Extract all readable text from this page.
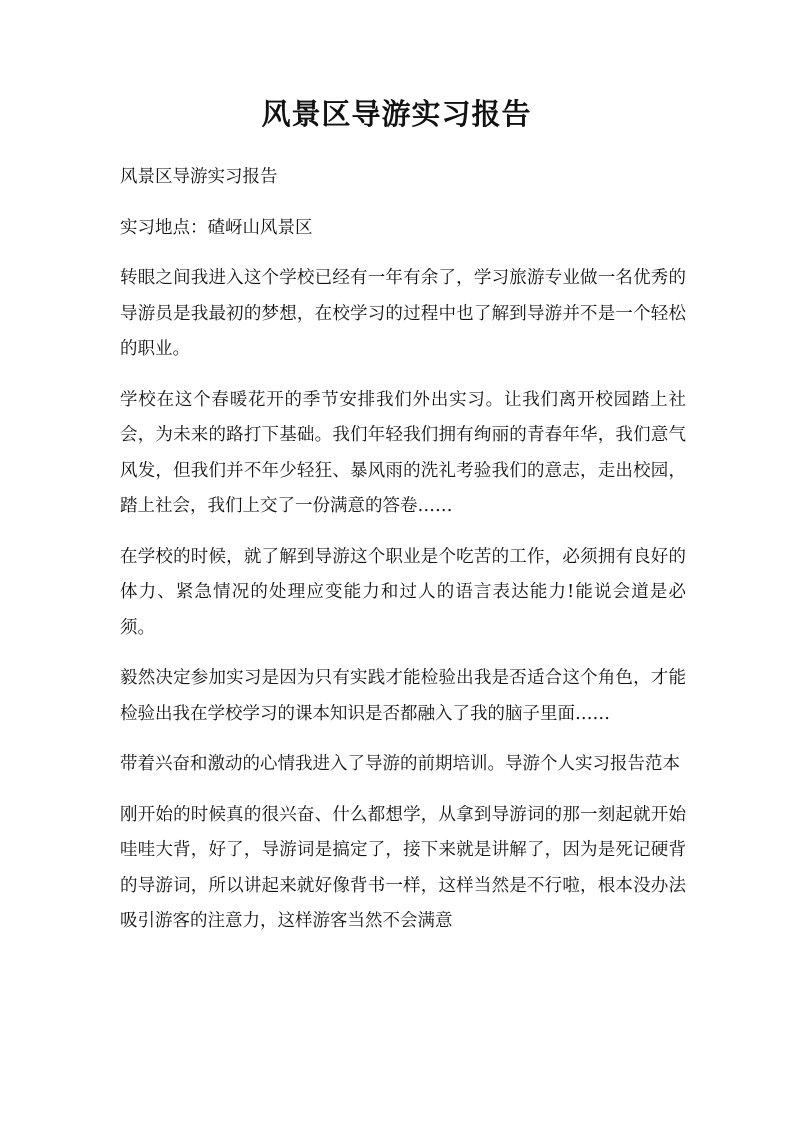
风景区导游实习报告

风景区导游实习报告

实习地点：碴岈山风景区

转眼之间我进入这个学校已经有一年有余了，学习旅游专业做一名优秀的导游员是我最初的梦想，在校学习的过程中也了解到导游并不是一个轻松的职业。

学校在这个春暖花开的季节安排我们外出实习。让我们离开校园踏上社会，为未来的路打下基础。我们年轻我们拥有绚丽的青春年华，我们意气风发，但我们并不年少轻狂、暴风雨的洗礼考验我们的意志，走出校园，踏上社会，我们上交了一份满意的答卷……

在学校的时候，就了解到导游这个职业是个吃苦的工作，必须拥有良好的体力、紧急情况的处理应变能力和过人的语言表达能力!能说会道是必须。

毅然决定参加实习是因为只有实践才能检验出我是否适合这个角色，才能检验出我在学校学习的课本知识是否都融入了我的脑子里面……

带着兴奋和激动的心情我进入了导游的前期培训。导游个人实习报告范本

刚开始的时候真的很兴奋、什么都想学，从拿到导游词的那一刻起就开始哇哇大背，好了，导游词是搞定了，接下来就是讲解了，因为是死记硬背的导游词，所以讲起来就好像背书一样，这样当然是不行啦，根本没办法吸引游客的注意力，这样游客当然不会满意
